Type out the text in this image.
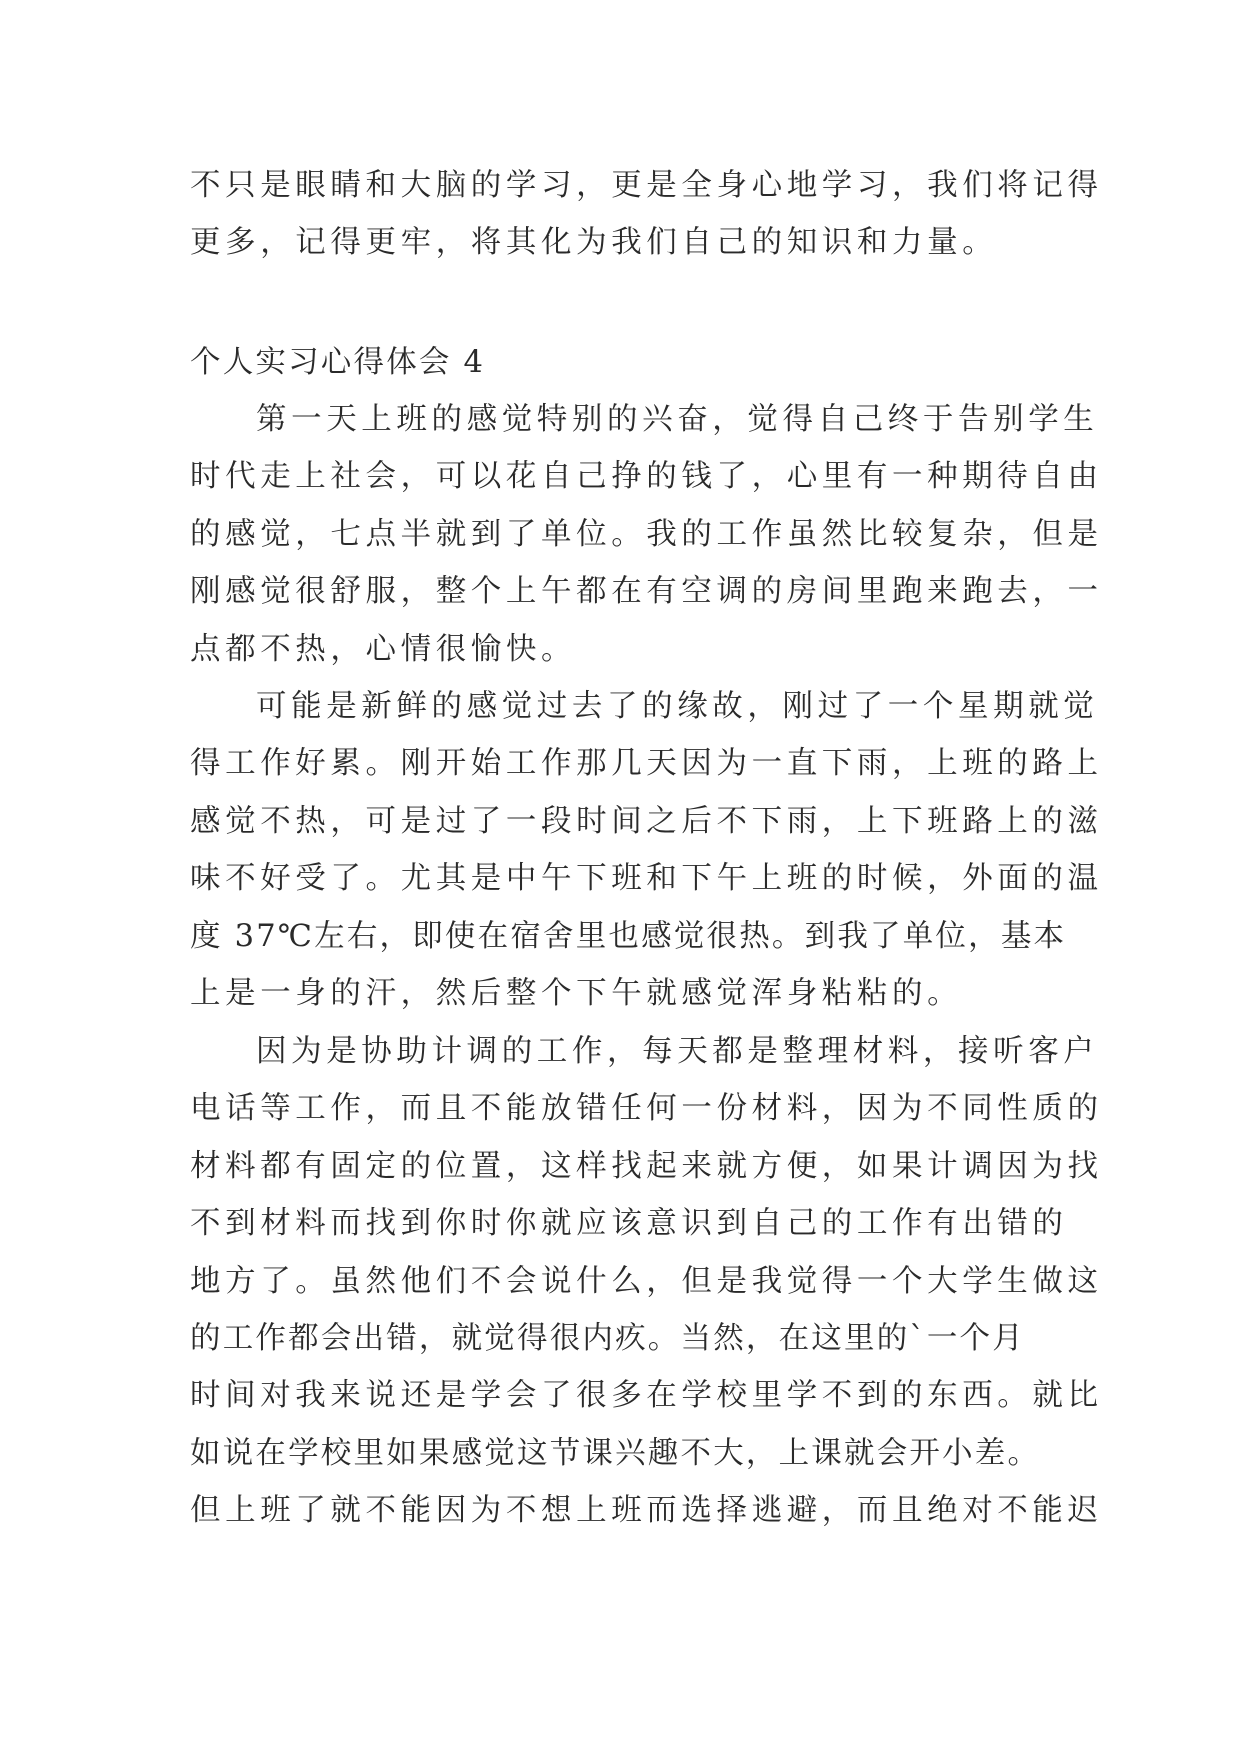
不只是眼睛和大脑的学习，更是全身心地学习，我们将记得
更多，记得更牢，将其化为我们自己的知识和力量。
个人实习心得体会 4
第一天上班的感觉特别的兴奋，觉得自己终于告别学生
时代走上社会，可以花自己挣的钱了，心里有一种期待自由
的感觉，七点半就到了单位。我的工作虽然比较复杂，但是
刚感觉很舒服，整个上午都在有空调的房间里跑来跑去，一
点都不热，心情很愉快。
可能是新鲜的感觉过去了的缘故，刚过了一个星期就觉
得工作好累。刚开始工作那几天因为一直下雨，上班的路上
感觉不热，可是过了一段时间之后不下雨，上下班路上的滋
味不好受了。尤其是中午下班和下午上班的时候，外面的温
度 37℃左右，即使在宿舍里也感觉很热。到我了单位，基本
上是一身的汗，然后整个下午就感觉浑身粘粘的。
因为是协助计调的工作，每天都是整理材料，接听客户
电话等工作，而且不能放错任何一份材料，因为不同性质的
材料都有固定的位置，这样找起来就方便，如果计调因为找
不到材料而找到你时你就应该意识到自己的工作有出错的
地方了。虽然他们不会说什么，但是我觉得一个大学生做这
的工作都会出错，就觉得很内疚。当然，在这里的`一个月
时间对我来说还是学会了很多在学校里学不到的东西。就比
如说在学校里如果感觉这节课兴趣不大，上课就会开小差。
但上班了就不能因为不想上班而选择逃避，而且绝对不能迟
